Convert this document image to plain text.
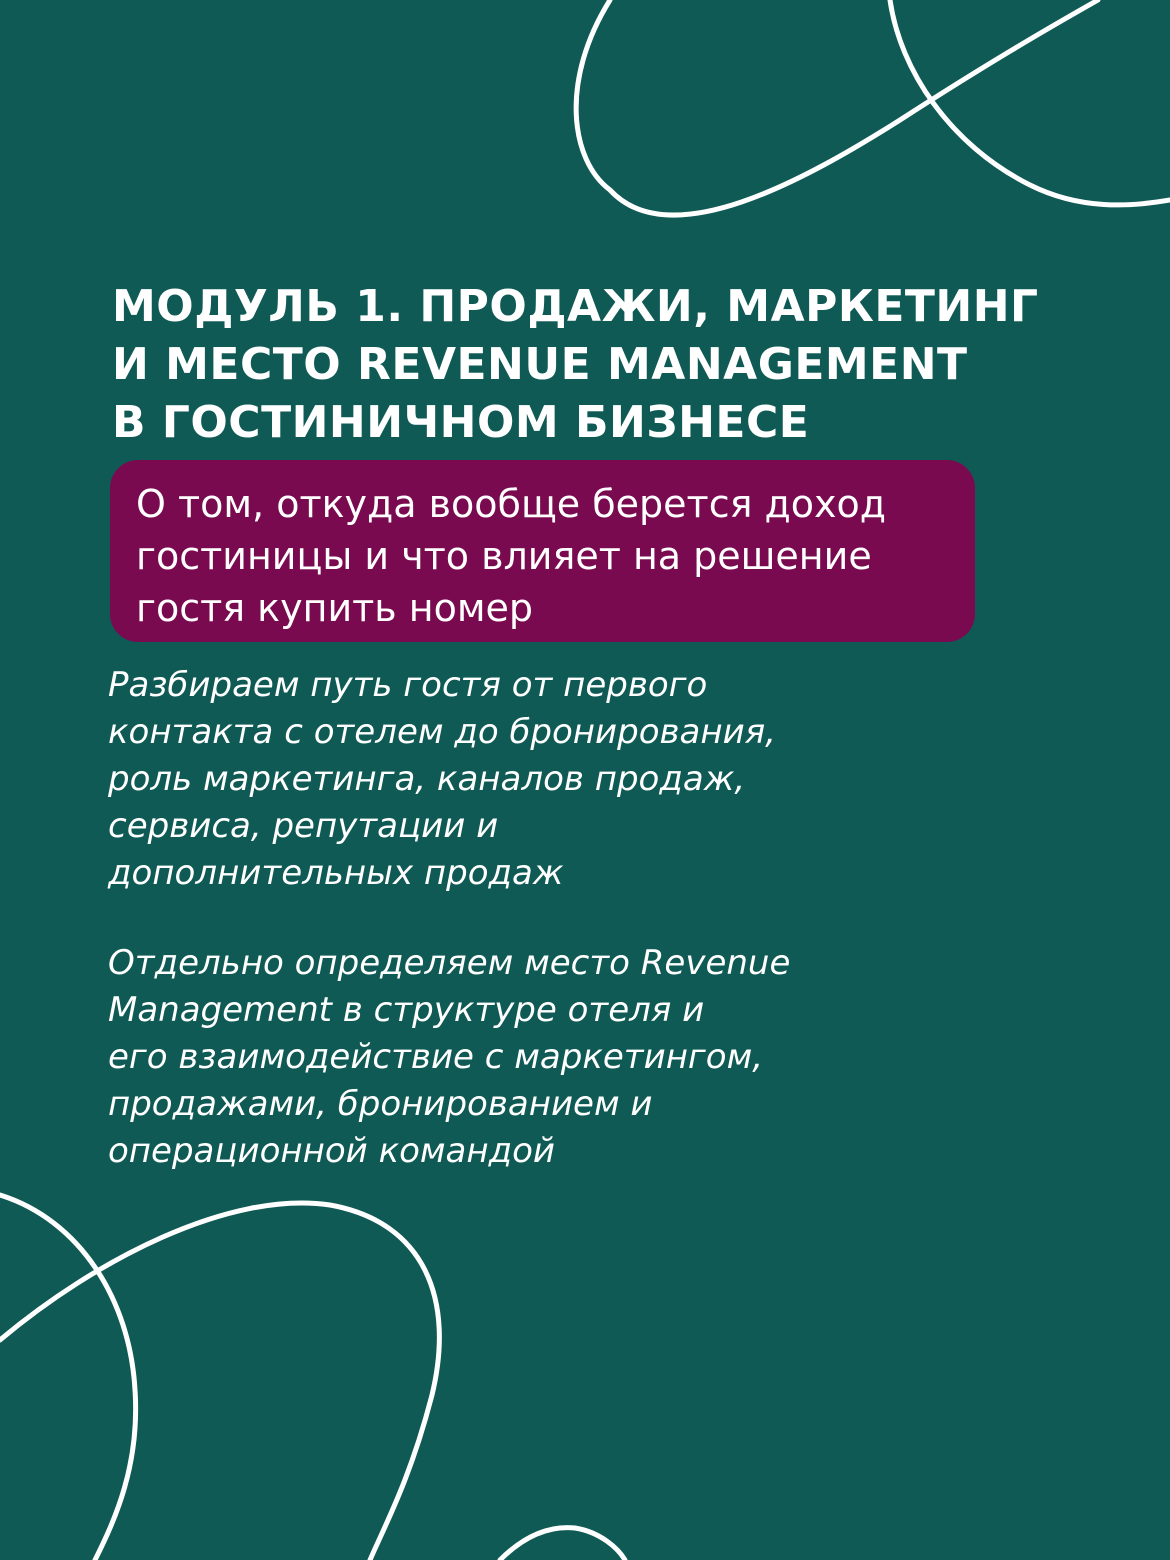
МОДУЛЬ 1. ПРОДАЖИ, МАРКЕТИНГ
И МЕСТО REVENUE MANAGEMENT
В ГОСТИНИЧНОМ БИЗНЕСЕ
О том, откуда вообще берется доход
гостиницы и что влияет на решение
гостя купить номер
Разбираем путь гостя от первого
контакта с отелем до бронирования,
роль маркетинга, каналов продаж,
сервиса, репутации и
дополнительных продаж
Отдельно определяем место Revenue
Management в структуре отеля и
его взаимодействие с маркетингом,
продажами, бронированием и
операционной командой
